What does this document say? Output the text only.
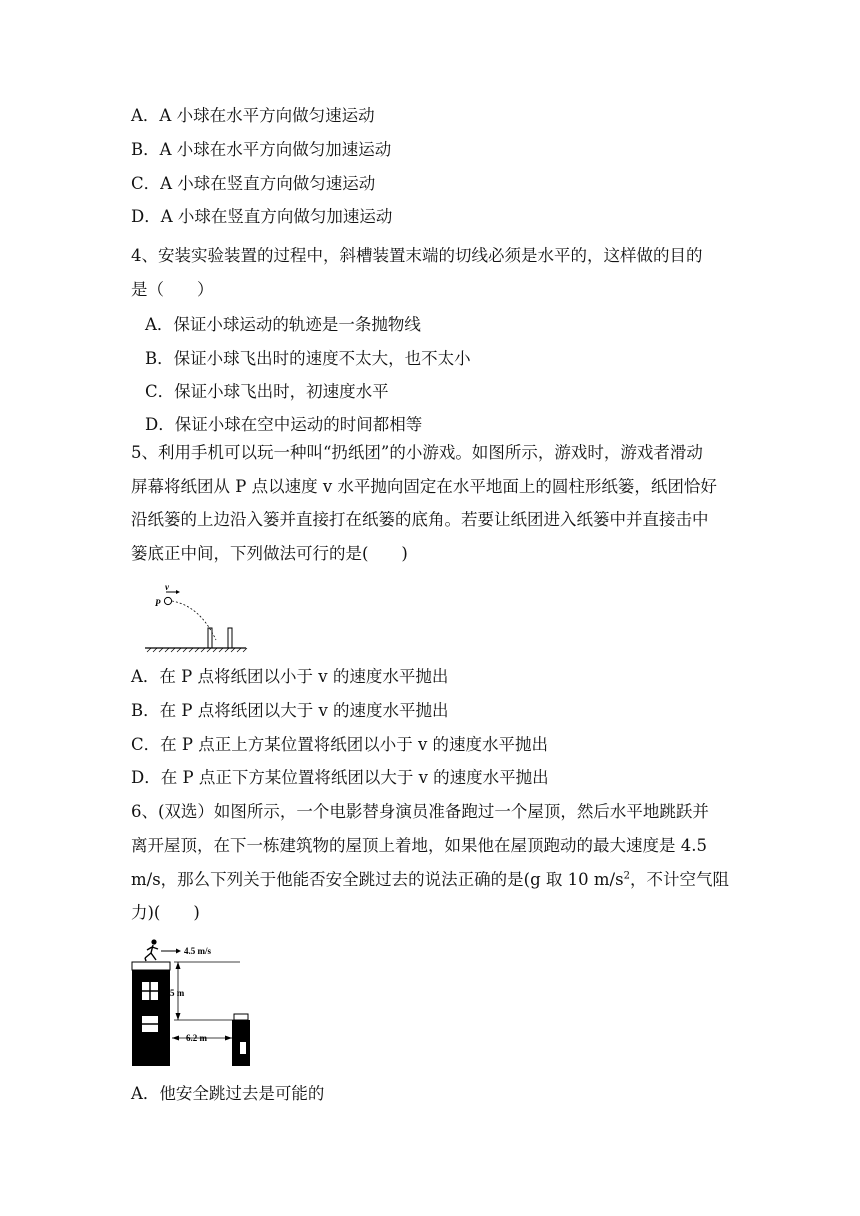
A．A 小球在水平方向做匀速运动
B．A 小球在水平方向做匀加速运动
C．A 小球在竖直方向做匀速运动
D．A 小球在竖直方向做匀加速运动
4、安装实验装置的过程中，斜槽装置末端的切线必须是水平的，这样做的目的
是（　　）
A．保证小球运动的轨迹是一条抛物线
B．保证小球飞出时的速度不太大，也不太小
C．保证小球飞出时，初速度水平
D．保证小球在空中运动的时间都相等
5、利用手机可以玩一种叫“扔纸团”的小游戏。如图所示，游戏时，游戏者滑动
屏幕将纸团从 P 点以速度 v 水平抛向固定在水平地面上的圆柱形纸篓，纸团恰好
沿纸篓的上边沿入篓并直接打在纸篓的底角。若要让纸团进入纸篓中并直接击中
篓底正中间，下列做法可行的是(　　)
v
P
A．在 P 点将纸团以小于 v 的速度水平抛出
B．在 P 点将纸团以大于 v 的速度水平抛出
C．在 P 点正上方某位置将纸团以小于 v 的速度水平抛出
D．在 P 点正下方某位置将纸团以大于 v 的速度水平抛出
6、(双选）如图所示，一个电影替身演员准备跑过一个屋顶，然后水平地跳跃并
离开屋顶，在下一栋建筑物的屋顶上着地，如果他在屋顶跑动的最大速度是 4.5
m/s，那么下列关于他能否安全跳过去的说法正确的是(g 取 10 $m/s^2$，不计空气阻
力)(　　)
4.5 m/s
5 m
6.2 m
A．他安全跳过去是可能的
